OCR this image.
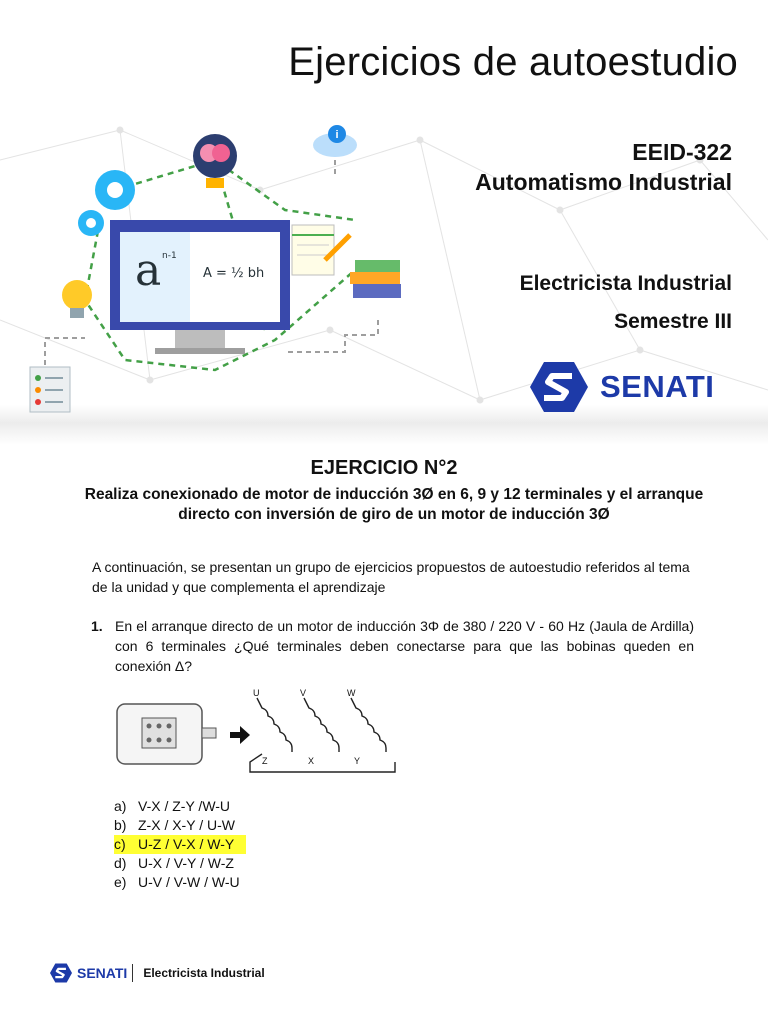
i
a n-1
A = ½ bh
Ejercicios de autoestudio
EEID-322
Automatismo Industrial
Electricista Industrial
Semestre III
SENATI
EJERCICIO N°2
Realiza conexionado de motor de inducción 3Ø en 6, 9 y 12 terminales y el arranque directo con inversión de giro de un motor de inducción 3Ø
A continuación, se presentan un grupo de ejercicios propuestos de autoestudio referidos al tema de la unidad y que complementa el aprendizaje
1. En el arranque directo de un motor de inducción 3Φ de 380 / 220 V - 60 Hz (Jaula de Ardilla) con 6 terminales ¿Qué terminales deben conectarse para que las bobinas queden en conexión Δ?
U	V	W
Z	X	Y
a) V-X / Z-Y /W-U
b) Z-X / X-Y / U-W
c) U-Z / V-X / W-Y
d) U-X / V-Y / W-Z
e) U-V / V-W / W-U
SENATI Electricista Industrial
